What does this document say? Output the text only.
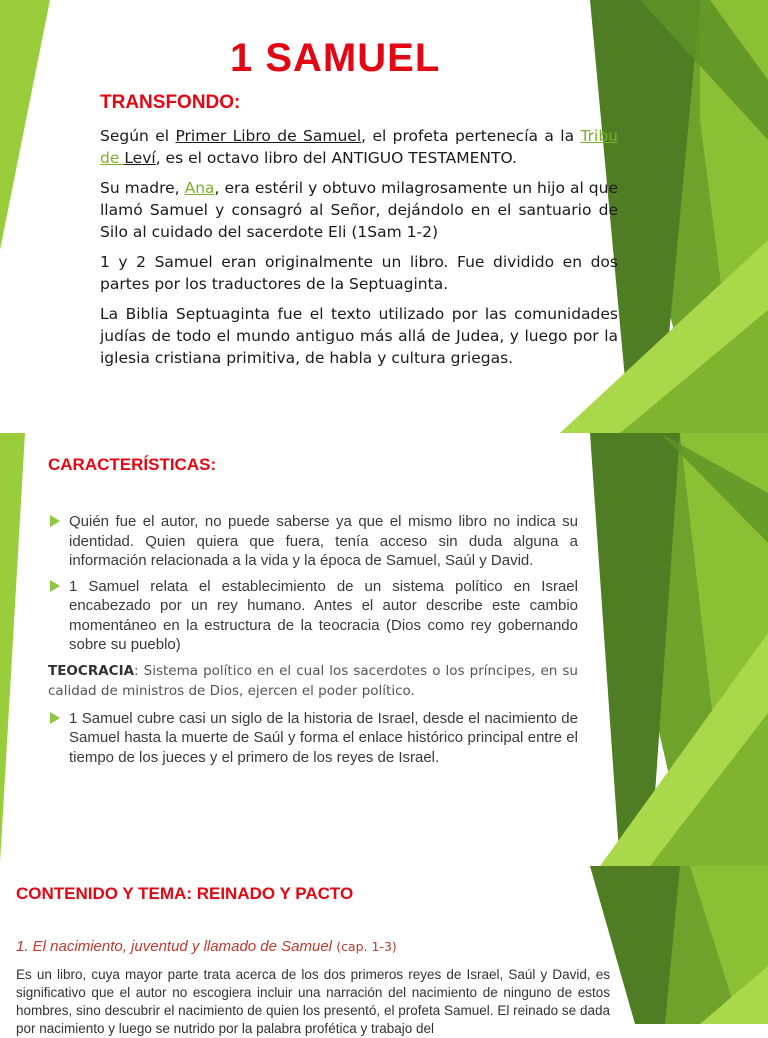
1 SAMUEL
TRANSFONDO:

Según el Primer Libro de Samuel, el profeta pertenecía a la Tribu de Leví, es el octavo libro del ANTIGUO TESTAMENTO.

Su madre, Ana, era estéril y obtuvo milagrosamente un hijo al que llamó Samuel y consagró al Señor, dejándolo en el santuario de Silo al cuidado del sacerdote Eli (1Sam 1-2)

1 y 2 Samuel eran originalmente un libro. Fue dividido en dos partes por los traductores de la Septuaginta.

La Biblia Septuaginta fue el texto utilizado por las comunidades judías de todo el mundo antiguo más allá de Judea, y luego por la iglesia cristiana primitiva, de habla y cultura griegas.

CARACTERÍSTICAS:
Quién fue el autor, no puede saberse ya que el mismo libro no indica su identidad. Quien quiera que fuera, tenía acceso sin duda alguna a información relacionada a la vida y la época de Samuel, Saúl y David.
1 Samuel relata el establecimiento de un sistema político en Israel encabezado por un rey humano. Antes el autor describe este cambio momentáneo en la estructura de la teocracia (Dios como rey gobernando sobre su pueblo)
TEOCRACIA: Sistema político en el cual los sacerdotes o los príncipes, en su calidad de ministros de Dios, ejercen el poder político.
1 Samuel cubre casi un siglo de la historia de Israel, desde el nacimiento de Samuel hasta la muerte de Saúl y forma el enlace histórico principal entre el tiempo de los jueces y el primero de los reyes de Israel.
CONTENIDO Y TEMA: REINADO Y PACTO
1. El nacimiento, juventud y llamado de Samuel (cap. 1-3)
Es un libro, cuya mayor parte trata acerca de los dos primeros reyes de Israel, Saúl y David, es significativo que el autor no escogiera incluir una narración del nacimiento de ninguno de estos hombres, sino descubrir el nacimiento de quien los presentó, el profeta Samuel. El reinado se dada por nacimiento y luego se nutrido por la palabra profética y trabajo del
